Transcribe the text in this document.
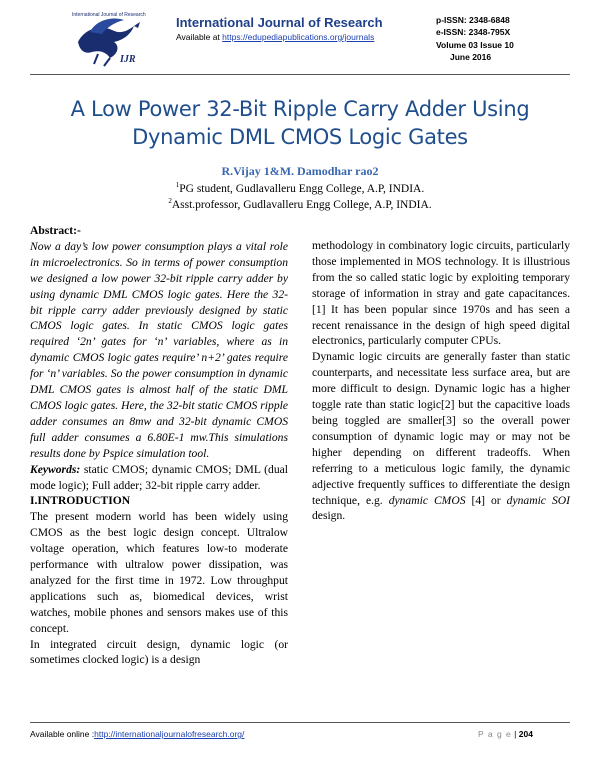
International Journal of Research
IJR
International Journal of Research
Available at https://edupediapublications.org/journals
p-ISSN: 2348-6848
e-ISSN: 2348-795X
Volume 03 Issue 10
June 2016
A Low Power 32-Bit Ripple Carry Adder Using
Dynamic DML CMOS Logic Gates
R.Vijay 1&M. Damodhar rao2
$^1$PG student, Gudlavalleru Engg College, A.P, INDIA.
$^2$Asst.professor, Gudlavalleru Engg College, A.P, INDIA.

Abstract:-

Now a day’s low power consumption plays a vital role in microelectronics. So in terms of power consumption we designed a low power 32-bit ripple carry adder by using dynamic DML CMOS logic gates. Here the 32-bit ripple carry adder previously designed by static CMOS logic gates. In static CMOS logic gates required ‘2n’ gates for ‘n’ variables, where as in dynamic CMOS logic gates require’ n+2’ gates require for ‘n’ variables. So the power consumption in dynamic DML CMOS gates is almost half of the static DML CMOS logic gates. Here, the 32-bit static CMOS ripple adder consumes an 8mw and 32-bit dynamic CMOS full adder consumes a 6.80E-1 mw.This simulations results done by Pspice simulation tool.

Keywords: static CMOS; dynamic CMOS; DML (dual mode logic); Full adder; 32-bit ripple carry adder.

I.INTRODUCTION

The present modern world has been widely using CMOS as the best logic design concept. Ultralow voltage operation, which features low-to moderate performance with ultralow power dissipation, was analyzed for the first time in 1972. Low throughput applications such as, biomedical devices, wrist watches, mobile phones and sensors makes use of this concept.

In integrated circuit design, dynamic logic (or sometimes clocked logic) is a design

methodology in combinatory logic circuits, particularly those implemented in MOS technology. It is illustrious from the so called static logic by exploiting temporary storage of information in stray and gate capacitances. [1] It has been popular since 1970s and has seen a recent renaissance in the design of high speed digital electronics, particularly computer CPUs.

Dynamic logic circuits are generally faster than static counterparts, and necessitate less surface area, but are more difficult to design. Dynamic logic has a higher toggle rate than static logic[2] but the capacitive loads being toggled are smaller[3] so the overall power consumption of dynamic logic may or may not be higher depending on different tradeoffs. When referring to a meticulous logic family, the dynamic adjective frequently suffices to differentiate the design technique, e.g. dynamic CMOS [4] or dynamic SOI design.

Available online :http://internationaljournalofresearch.org/	P a g e | 204
